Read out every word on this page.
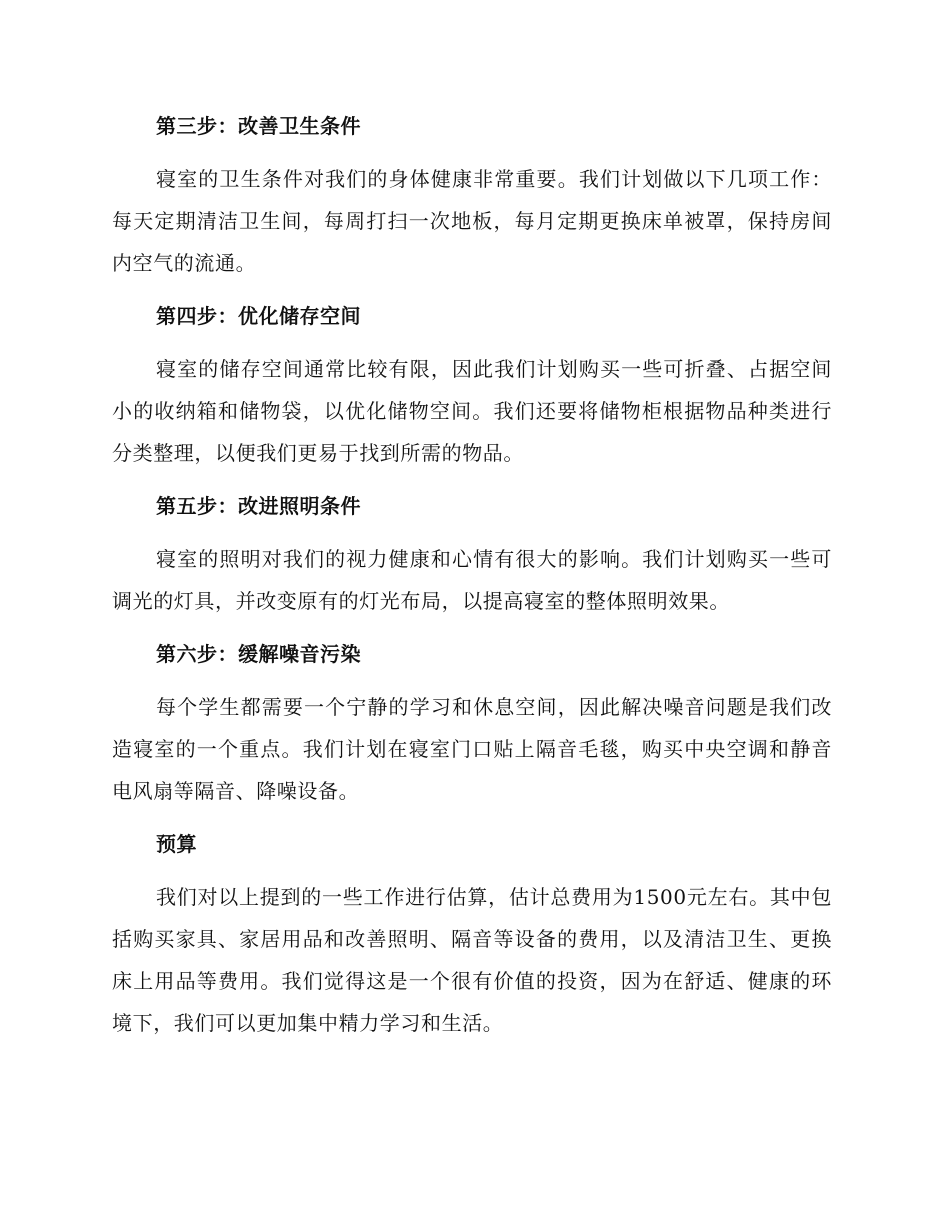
第三步：改善卫生条件

寝室的卫生条件对我们的身体健康非常重要。我们计划做以下几项工作：每天定期清洁卫生间，每周打扫一次地板，每月定期更换床单被罩，保持房间内空气的流通。

第四步：优化储存空间

寝室的储存空间通常比较有限，因此我们计划购买一些可折叠、占据空间小的收纳箱和储物袋，以优化储物空间。我们还要将储物柜根据物品种类进行分类整理，以便我们更易于找到所需的物品。

第五步：改进照明条件

寝室的照明对我们的视力健康和心情有很大的影响。我们计划购买一些可调光的灯具，并改变原有的灯光布局，以提高寝室的整体照明效果。

第六步：缓解噪音污染

每个学生都需要一个宁静的学习和休息空间，因此解决噪音问题是我们改造寝室的一个重点。我们计划在寝室门口贴上隔音毛毯，购买中央空调和静音电风扇等隔音、降噪设备。

预算

我们对以上提到的一些工作进行估算，估计总费用为1500元左右。其中包括购买家具、家居用品和改善照明、隔音等设备的费用，以及清洁卫生、更换床上用品等费用。我们觉得这是一个很有价值的投资，因为在舒适、健康的环境下，我们可以更加集中精力学习和生活。
